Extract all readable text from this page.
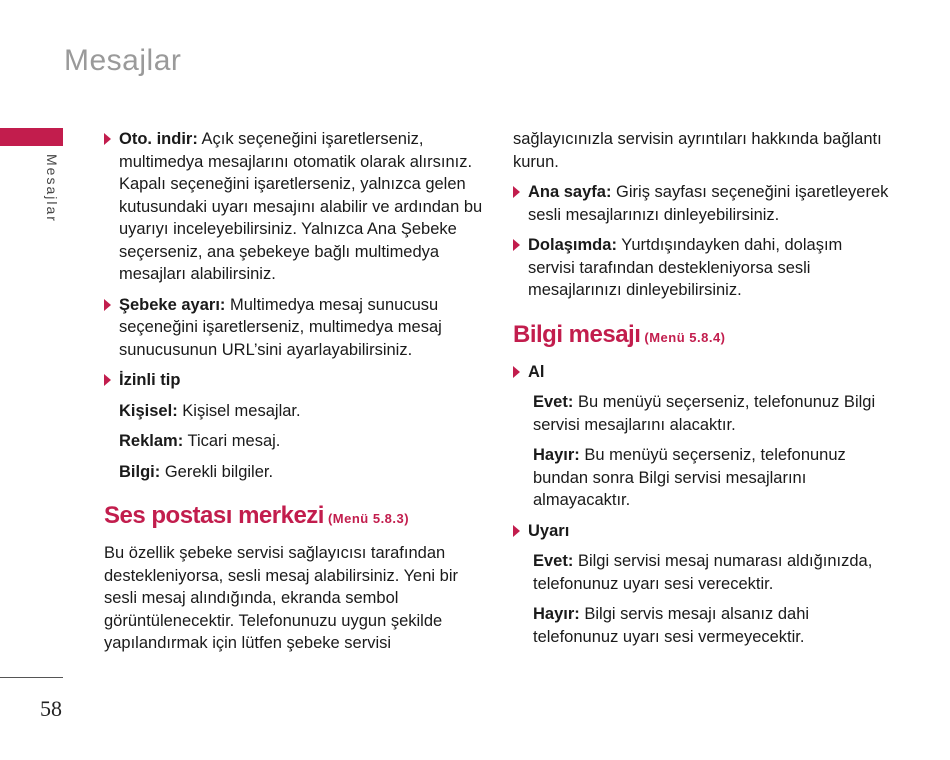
Mesajlar
Mesajlar
58
Oto. indir: Açık seçeneğini işaretlerseniz, multimedya mesajlarını otomatik olarak alırsınız. Kapalı seçeneğini işaretlerseniz, yalnızca gelen kutusundaki uyarı mesajını alabilir ve ardından bu uyarıyı inceleyebilirsiniz. Yalnızca Ana Şebeke seçerseniz, ana şebekeye bağlı multimedya mesajları alabilirsiniz.
Şebeke ayarı: Multimedya mesaj sunucusu seçeneğini işaretlerseniz, multimedya mesaj sunucusunun URL’sini ayarlayabilirsiniz.
İzinli tip
Kişisel: Kişisel mesajlar.
Reklam: Ticari mesaj.
Bilgi: Gerekli bilgiler.
Ses postası merkezi (Menü 5.8.3)
Bu özellik şebeke servisi sağlayıcısı tarafından destekleniyorsa, sesli mesaj alabilirsiniz. Yeni bir sesli mesaj alındığında, ekranda sembol görüntülenecektir. Telefonunuzu uygun şekilde yapılandırmak için lütfen şebeke servisi
sağlayıcınızla servisin ayrıntıları hakkında bağlantı kurun.
Ana sayfa: Giriş sayfası seçeneğini işaretleyerek sesli mesajlarınızı dinleyebilirsiniz.
Dolaşımda: Yurtdışındayken dahi, dolaşım servisi tarafından destekleniyorsa sesli mesajlarınızı dinleyebilirsiniz.
Bilgi mesajı (Menü 5.8.4)
Al
Evet: Bu menüyü seçerseniz, telefonunuz Bilgi servisi mesajlarını alacaktır.
Hayır: Bu menüyü seçerseniz, telefonunuz bundan sonra Bilgi servisi mesajlarını almayacaktır.
Uyarı
Evet: Bilgi servisi mesaj numarası aldığınızda, telefonunuz uyarı sesi verecektir.
Hayır: Bilgi servis mesajı alsanız dahi telefonunuz uyarı sesi vermeyecektir.
